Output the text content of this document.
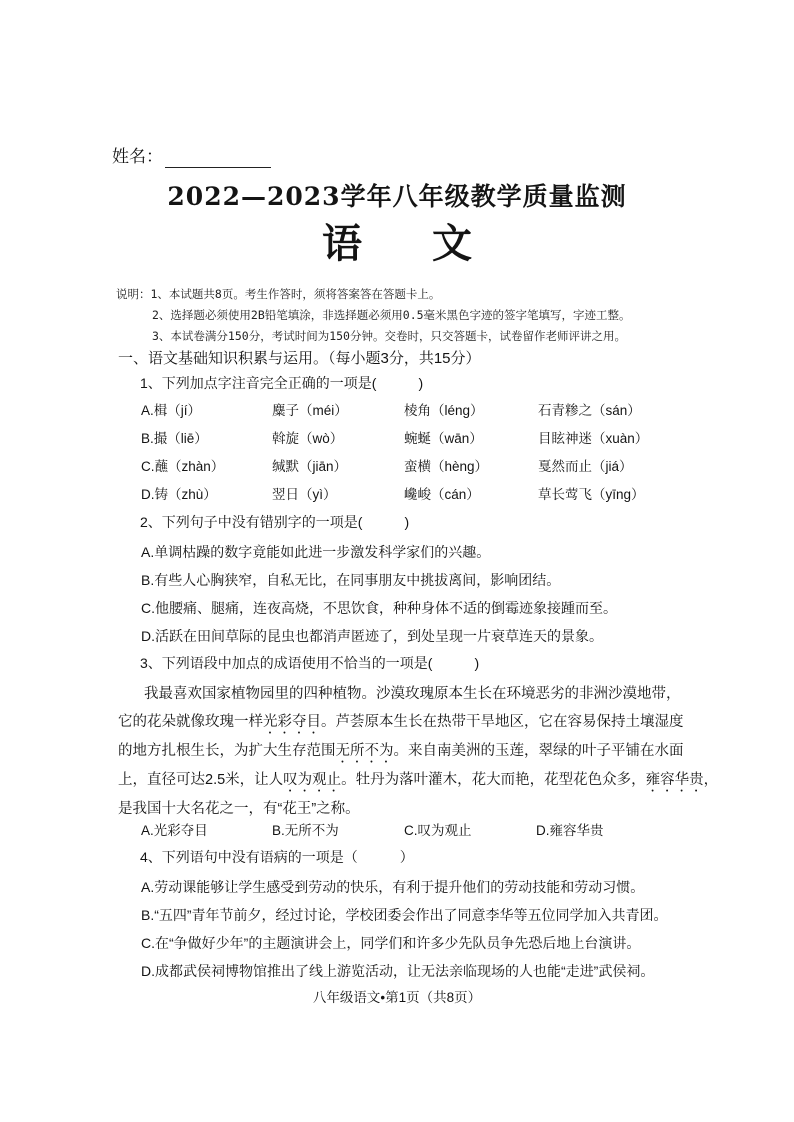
姓名：
2022—2023学年八年级教学质量监测
语文
说明：1、本试题共8页。考生作答时，须将答案答在答题卡上。
2、选择题必须使用2B铅笔填涂，非选择题必须用0.5毫米黑色字迹的签字笔填写，字迹工整。
3、本试卷满分150分，考试时间为150分钟。交卷时，只交答题卡，试卷留作老师评讲之用。
一、语文基础知识积累与运用。（每小题3分，共15分）
1、下列加点字注音完全正确的一项是(　　　)
A.楫（jí）	麋子（méi）	棱角（léng）	石青糁之（sán）
B.撮（liē）	斡旋（wò）	蜿蜒（wān）	目眩神迷（xuàn）
C.蘸（zhàn）	缄默（jiān）	蛮横（hèng）	戛然而止（jiá）
D.铸（zhù）	翌日（yì）	巉峻（cán）	草长莺飞（yīng）
2、下列句子中没有错别字的一项是(　　　)
A.单调枯躁的数字竟能如此进一步激发科学家们的兴趣。
B.有些人心胸狭窄，自私无比，在同事朋友中挑拔离间，影响团结。
C.他腰痛、腿痛，连夜高烧，不思饮食，种种身体不适的倒霉迹象接踵而至。
D.活跃在田间草际的昆虫也都消声匿迹了，到处呈现一片衰草连天的景象。
3、下列语段中加点的成语使用不恰当的一项是(　　　)

我最喜欢国家植物园里的四种植物。沙漠玫瑰原本生长在环境恶劣的非洲沙漠地带，

它的花朵就像玫瑰一样光彩夺目。芦荟原本生长在热带干旱地区，它在容易保持土壤湿度

的地方扎根生长，为扩大生存范围无所不为。来自南美洲的玉莲，翠绿的叶子平铺在水面

上，直径可达2.5米，让人叹为观止。牡丹为落叶灌木，花大而艳，花型花色众多，雍容华贵，

是我国十大名花之一，有“花王”之称。

A.光彩夺目	B.无所不为	C.叹为观止	D.雍容华贵
4、下列语句中没有语病的一项是（　　　）
A.劳动课能够让学生感受到劳动的快乐，有利于提升他们的劳动技能和劳动习惯。
B.“五四”青年节前夕，经过讨论，学校团委会作出了同意李华等五位同学加入共青团。
C.在“争做好少年”的主题演讲会上，同学们和许多少先队员争先恐后地上台演讲。
D.成都武侯祠博物馆推出了线上游览活动，让无法亲临现场的人也能“走进”武侯祠。
八年级语文•第1页（共8页）
